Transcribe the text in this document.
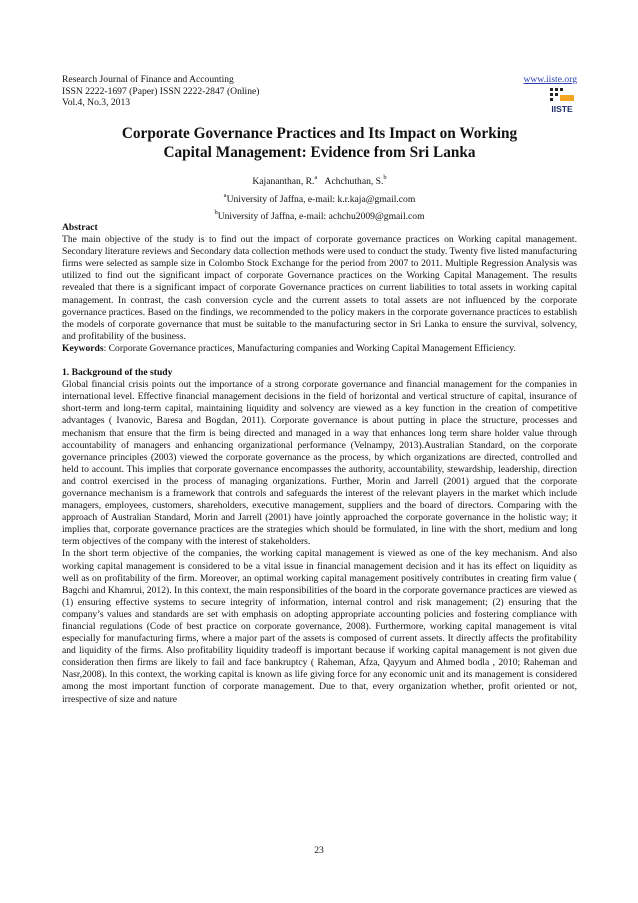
Research Journal of Finance and Accounting
ISSN 2222-1697 (Paper) ISSN 2222-2847 (Online)
Vol.4, No.3, 2013
www.iiste.org
IISTE
Corporate Governance Practices and Its Impact on Working
Capital Management: Evidence from Sri Lanka
Kajananthan, R.$^a$ Achchuthan, S.$^b$
$^a$University of Jaffna, e-mail: k.r.kaja@gmail.com
$^b$University of Jaffna, e-mail: achchu2009@gmail.com

Abstract

The main objective of the study is to find out the impact of corporate governance practices on Working capital management. Secondary literature reviews and Secondary data collection methods were used to conduct the study. Twenty five listed manufacturing firms were selected as sample size in Colombo Stock Exchange for the period from 2007 to 2011. Multiple Regression Analysis was utilized to find out the significant impact of corporate Governance practices on the Working Capital Management. The results revealed that there is a significant impact of corporate Governance practices on current liabilities to total assets in working capital management. In contrast, the cash conversion cycle and the current assets to total assets are not influenced by the corporate governance practices. Based on the findings, we recommended to the policy makers in the corporate governance practices to establish the models of corporate governance that must be suitable to the manufacturing sector in Sri Lanka to ensure the survival, solvency, and profitability of the business.

Keywords: Corporate Governance practices, Manufacturing companies and Working Capital Management Efficiency.

1. Background of the study

Global financial crisis points out the importance of a strong corporate governance and financial management for the companies in international level. Effective financial management decisions in the field of horizontal and vertical structure of capital, insurance of short-term and long-term capital, maintaining liquidity and solvency are viewed as a key function in the creation of competitive advantages ( Ivanovic, Baresa and Bogdan, 2011). Corporate governance is about putting in place the structure, processes and mechanism that ensure that the firm is being directed and managed in a way that enhances long term share holder value through accountability of managers and enhancing organizational performance (Velnampy, 2013).Australian Standard, on the corporate governance principles (2003) viewed the corporate governance as the process, by which organizations are directed, controlled and held to account. This implies that corporate governance encompasses the authority, accountability, stewardship, leadership, direction and control exercised in the process of managing organizations. Further, Morin and Jarrell (2001) argued that the corporate governance mechanism is a framework that controls and safeguards the interest of the relevant players in the market which include managers, employees, customers, shareholders, executive management, suppliers and the board of directors. Comparing with the approach of Australian Standard, Morin and Jarrell (2001) have jointly approached the corporate governance in the holistic way; it implies that, corporate governance practices are the strategies which should be formulated, in line with the short, medium and long term objectives of the company with the interest of stakeholders.

In the short term objective of the companies, the working capital management is viewed as one of the key mechanism. And also working capital management is considered to be a vital issue in financial management decision and it has its effect on liquidity as well as on profitability of the firm. Moreover, an optimal working capital management positively contributes in creating firm value ( Bagchi and Khamrui, 2012). In this context, the main responsibilities of the board in the corporate governance practices are viewed as (1) ensuring effective systems to secure integrity of information, internal control and risk management; (2) ensuring that the company’s values and standards are set with emphasis on adopting appropriate accounting policies and fostering compliance with financial regulations (Code of best practice on corporate governance, 2008). Furthermore, working capital management is vital especially for manufacturing firms, where a major part of the assets is composed of current assets. It directly affects the profitability and liquidity of the firms. Also profitability liquidity tradeoff is important because if working capital management is not given due consideration then firms are likely to fail and face bankruptcy ( Raheman, Afza, Qayyum and Ahmed bodla , 2010; Raheman and Nasr,2008). In this context, the working capital is known as life giving force for any economic unit and its management is considered among the most important function of corporate management. Due to that, every organization whether, profit oriented or not, irrespective of size and nature

23
